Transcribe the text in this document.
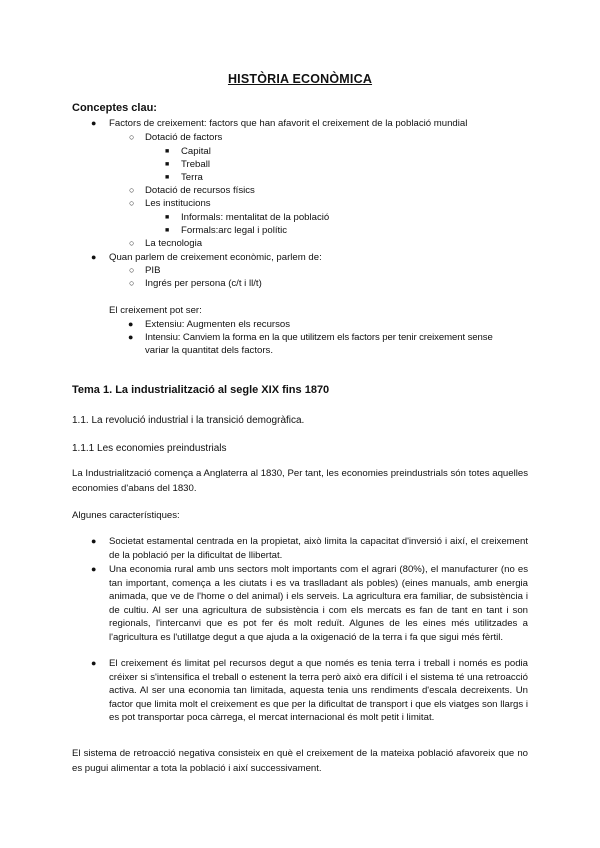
HISTÒRIA ECONÒMICA
Conceptes clau:
● Factors de creixement: factors que han afavorit el creixement de la població mundial
○ Dotació de factors
■ Capital
■ Treball
■ Terra
○ Dotació de recursos físics
○ Les institucions
■ Informals: mentalitat de la població
■ Formals:arc legal i polític
○ La tecnologia
● Quan parlem de creixement econòmic, parlem de:
○ PIB
○ Ingrés per persona (c/t i ll/t)
El creixement pot ser:
● Extensiu: Augmenten els recursos
● Intensiu: Canviem la forma en la que utilitzem els factors per tenir creixement sense
variar la quantitat dels factors.
Tema 1. La industrialització al segle XIX fins 1870
1.1. La revolució industrial i la transició demogràfica.
1.1.1 Les economies preindustrials
La Industrialització comença a Anglaterra al 1830, Per tant, les economies preindustrials són totes aquelles economies d'abans del 1830.
Algunes característiques:
● Societat estamental centrada en la propietat, això limita la capacitat d'inversió i així, el creixement de la població per la dificultat de llibertat.
● Una economia rural amb uns sectors molt importants com el agrari (80%), el manufacturer (no es tan important, comença a les ciutats i es va traslladant als pobles) (eines manuals, amb energia animada, que ve de l'home o del animal) i els serveis. La agricultura era familiar, de subsistència i de cultiu. Al ser una agricultura de subsistència i com els mercats es fan de tant en tant i son regionals, l'intercanvi que es pot fer és molt reduït. Algunes de les eines més utilitzades a l'agricultura es l'utillatge degut a que ajuda a la oxigenació de la terra i fa que sigui més fèrtil.
● El creixement és limitat pel recursos degut a que només es tenia terra i treball i només es podia créixer si s'intensifica el treball o estenent la terra però això era difícil i el sistema té una retroacció activa. Al ser una economia tan limitada, aquesta tenia uns rendiments d'escala decreixents. Un factor que limita molt el creixement es que per la dificultat de transport i que els viatges son llargs i es pot transportar poca càrrega, el mercat internacional és molt petit i limitat.
El sistema de retroacció negativa consisteix en què el creixement de la mateixa població afavoreix que no es pugui alimentar a tota la població i així successivament.
